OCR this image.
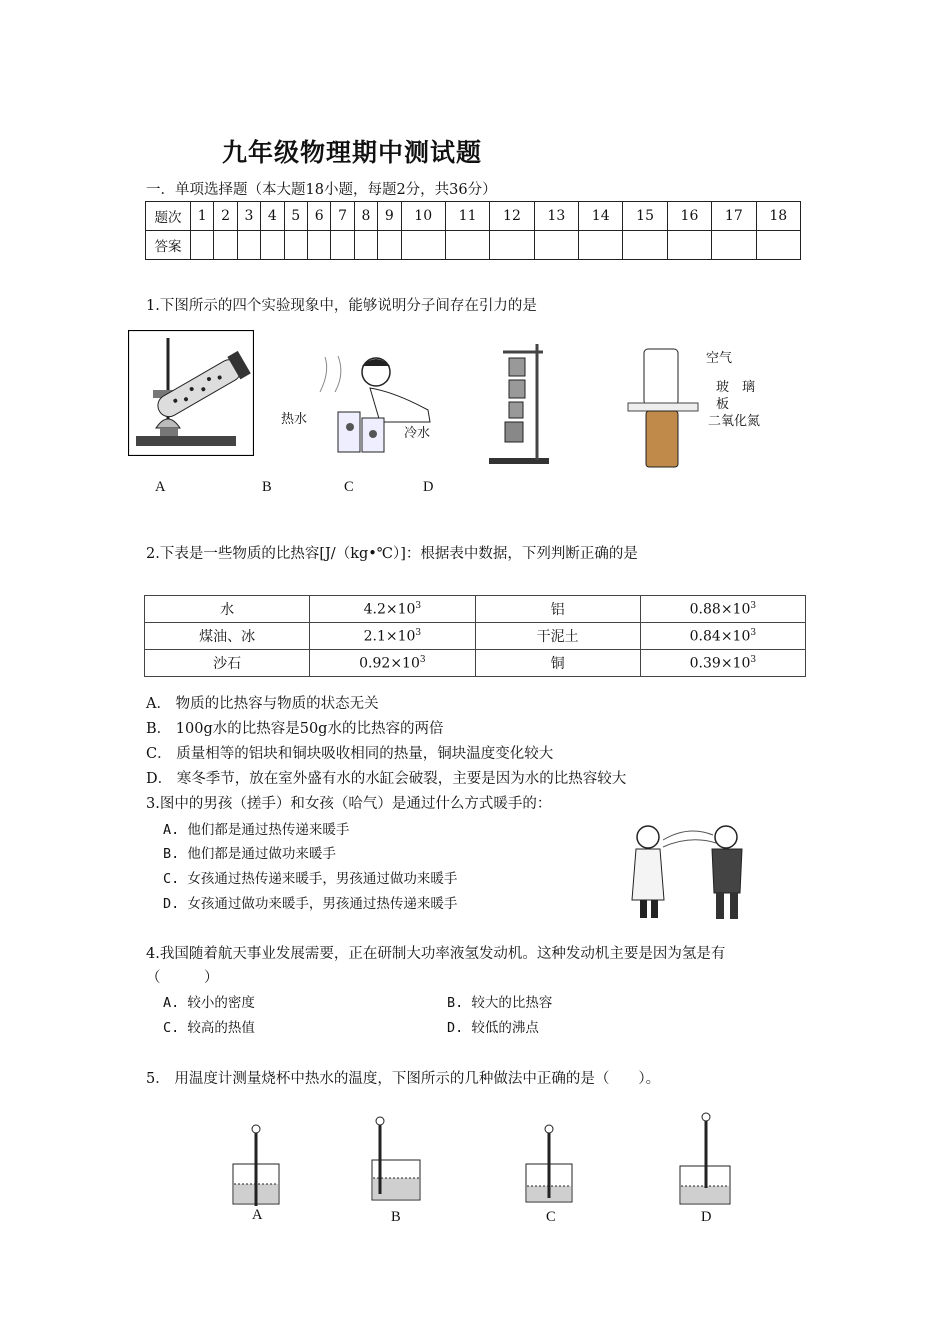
九年级物理期中测试题
一．单项选择题（本大题18小题，每题2分，共36分）
题次	1	2	3	4	5	6	7	8	9	10	11	12	13	14	15	16	17	18
答案																		
1.下图所示的四个实验现象中，能够说明分子间存在引力的是
A
热水
冷水
B	C
空气
玻　璃
板
二氧化氮
D
2.下表是一些物质的比热容[J/（kg•℃）]：根据表中数据，下列判断正确的是
水	$4.2\times 10^3$	铝	$0.88\times 10^3$
煤油、冰	$2.1\times 10^3$	干泥土	$0.84\times 10^3$
沙石	$0.92\times 10^3$	铜	$0.39\times 10^3$
A． 物质的比热容与物质的状态无关
B． 100g水的比热容是50g水的比热容的两倍
C． 质量相等的铝块和铜块吸收相同的热量，铜块温度变化较大
D． 寒冬季节，放在室外盛有水的水缸会破裂，主要是因为水的比热容较大
3.图中的男孩（搓手）和女孩（哈气）是通过什么方式暖手的：
A. 他们都是通过热传递来暖手
B. 他们都是通过做功来暖手
C. 女孩通过热传递来暖手，男孩通过做功来暖手
D. 女孩通过做功来暖手，男孩通过热传递来暖手
4.我国随着航天事业发展需要，正在研制大功率液氢发动机。这种发动机主要是因为氢是有
（　　　）
A. 较小的密度	B. 较大的比热容
C. 较高的热值	D. 较低的沸点
5． 用温度计测量烧杯中热水的温度，下图所示的几种做法中正确的是（　　）。
A	B	C	D
